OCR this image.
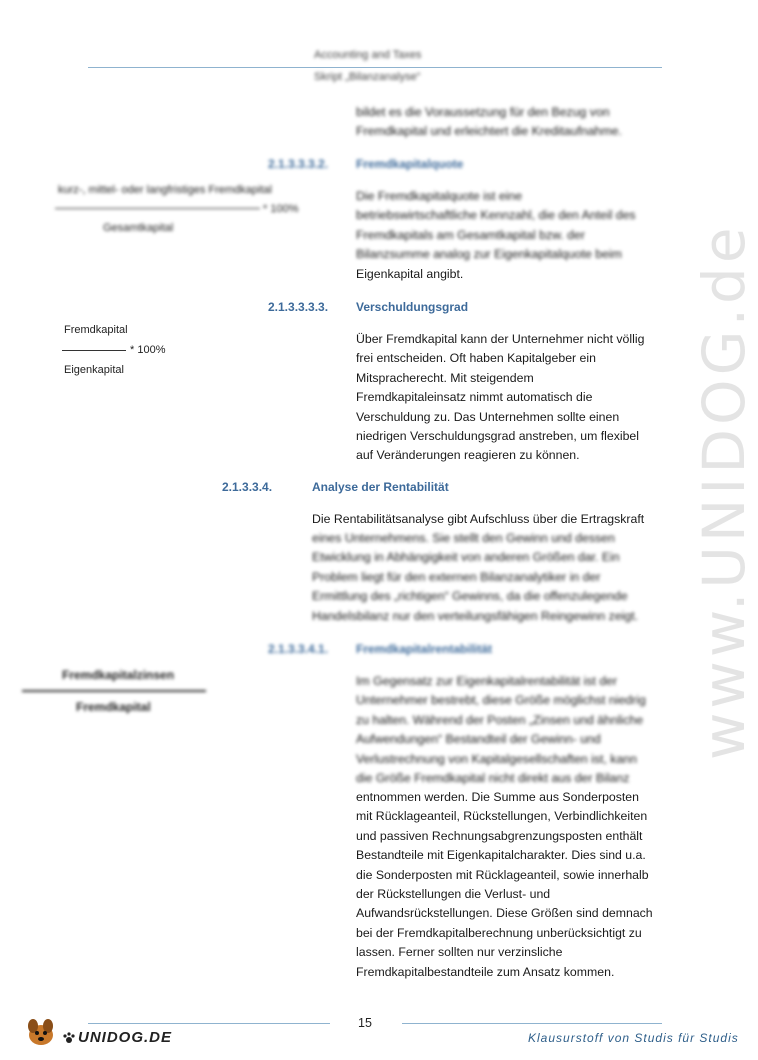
www.UNIDOG.de
Accounting and Taxes
Skript „Bilanzanalyse“
bildet es die Voraussetzung für den Bezug von
Fremdkapital und erleichtert die Kreditaufnahme.
2.1.3.3.3.2. Fremdkapitalquote
Die Fremdkapitalquote ist eine
betriebswirtschaftliche Kennzahl, die den Anteil des
Fremdkapitals am Gesamtkapital bzw. der
Bilanzsumme analog zur Eigenkapitalquote beim
Eigenkapital angibt.
kurz-, mittel- oder langfristiges Fremdkapital
* 100%
Gesamtkapital
2.1.3.3.3.3. Verschuldungsgrad
Über Fremdkapital kann der Unternehmer nicht völlig
frei entscheiden. Oft haben Kapitalgeber ein
Mitspracherecht. Mit steigendem
Fremdkapitaleinsatz nimmt automatisch die
Verschuldung zu. Das Unternehmen sollte einen
niedrigen Verschuldungsgrad anstreben, um flexibel
auf Veränderungen reagieren zu können.
Fremdkapital
* 100%
Eigenkapital
2.1.3.3.4.	Analyse der Rentabilität
Die Rentabilitätsanalyse gibt Aufschluss über die Ertragskraft
eines Unternehmens. Sie stellt den Gewinn und dessen
Etwicklung in Abhängigkeit von anderen Größen dar. Ein
Problem liegt für den externen Bilanzanalytiker in der
Ermittlung des „richtigen“ Gewinns, da die offenzulegende
Handelsbilanz nur den verteilungsfähigen Reingewinn zeigt.
2.1.3.3.4.1. Fremdkapitalrentabilität
Im Gegensatz zur Eigenkapitalrentabilität ist der
Unternehmer bestrebt, diese Größe möglichst niedrig
zu halten. Während der Posten „Zinsen und ähnliche
Aufwendungen“ Bestandteil der Gewinn- und
Verlustrechnung von Kapitalgesellschaften ist, kann
die Größe Fremdkapital nicht direkt aus der Bilanz
entnommen werden. Die Summe aus Sonderposten
mit Rücklageanteil, Rückstellungen, Verbindlichkeiten
und passiven Rechnungsabgrenzungsposten enthält
Bestandteile mit Eigenkapitalcharakter. Dies sind u.a.
die Sonderposten mit Rücklageanteil, sowie innerhalb
der Rückstellungen die Verlust- und
Aufwandsrückstellungen. Diese Größen sind demnach
bei der Fremdkapitalberechnung unberücksichtigt zu
lassen. Ferner sollten nur verzinsliche
Fremdkapitalbestandteile zum Ansatz kommen.
Fremdkapitalzinsen
Fremdkapital
15
UNIDOG.DE	Klausurstoff von Studis für Studis
